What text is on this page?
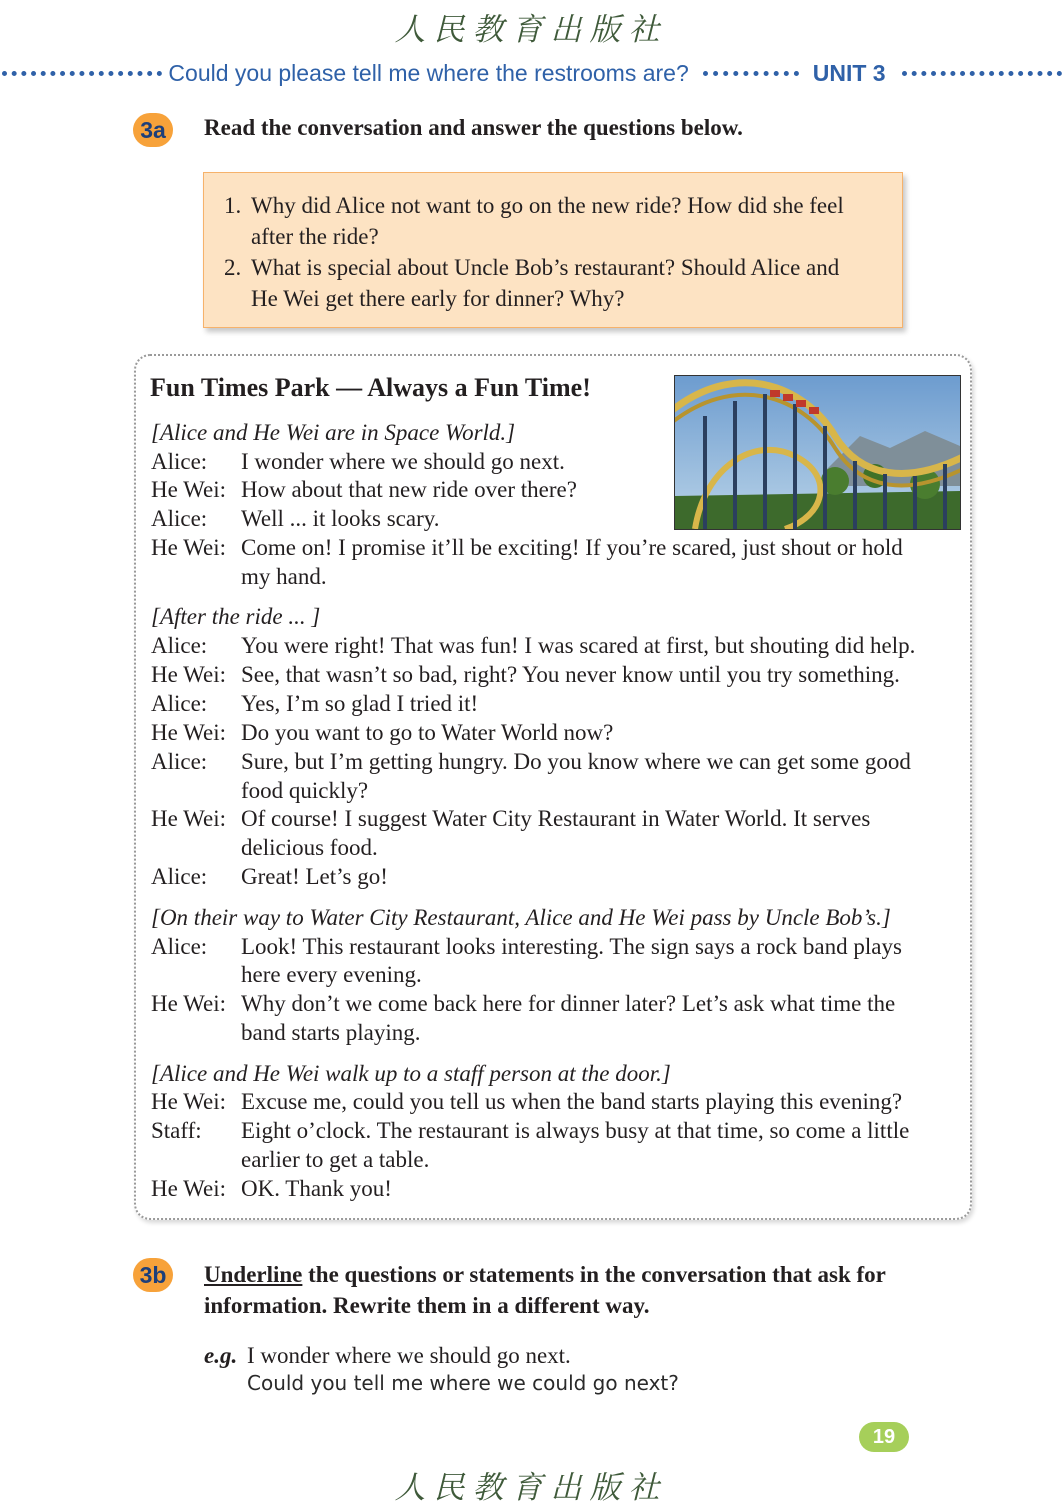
人民教育出版社
Could you please tell me where the restrooms are?	UNIT 3
3a	Read the conversation and answer the questions below.
1. Why did Alice not want to go on the new ride? How did she feel
after the ride?
2. What is special about Uncle Bob’s restaurant? Should Alice and
He Wei get there early for dinner? Why?
Fun Times Park — Always a Fun Time!
[Alice and He Wei are in Space World.]
Alice: I wonder where we should go next.
He Wei: How about that new ride over there?
Alice: Well ... it looks scary.
He Wei: Come on! I promise it’ll be exciting! If you’re scared, just shout or hold
my hand.
[After the ride ... ]
Alice: You were right! That was fun! I was scared at first, but shouting did help.
He Wei: See, that wasn’t so bad, right? You never know until you try something.
Alice: Yes, I’m so glad I tried it!
He Wei: Do you want to go to Water World now?
Alice: Sure, but I’m getting hungry. Do you know where we can get some good
food quickly?
He Wei: Of course! I suggest Water City Restaurant in Water World. It serves
delicious food.
Alice: Great! Let’s go!
[On their way to Water City Restaurant, Alice and He Wei pass by Uncle Bob’s.]
Alice: Look! This restaurant looks interesting. The sign says a rock band plays
here every evening.
He Wei: Why don’t we come back here for dinner later? Let’s ask what time the
band starts playing.
[Alice and He Wei walk up to a staff person at the door.]
He Wei: Excuse me, could you tell us when the band starts playing this evening?
Staff: Eight o’clock. The restaurant is always busy at that time, so come a little
earlier to get a table.
He Wei: OK. Thank you!
3b Underline the questions or statements in the conversation that ask for
information. Rewrite them in a different way.
e.g. I wonder where we should go next.
Could you tell me where we could go next?
19
人民教育出版社
